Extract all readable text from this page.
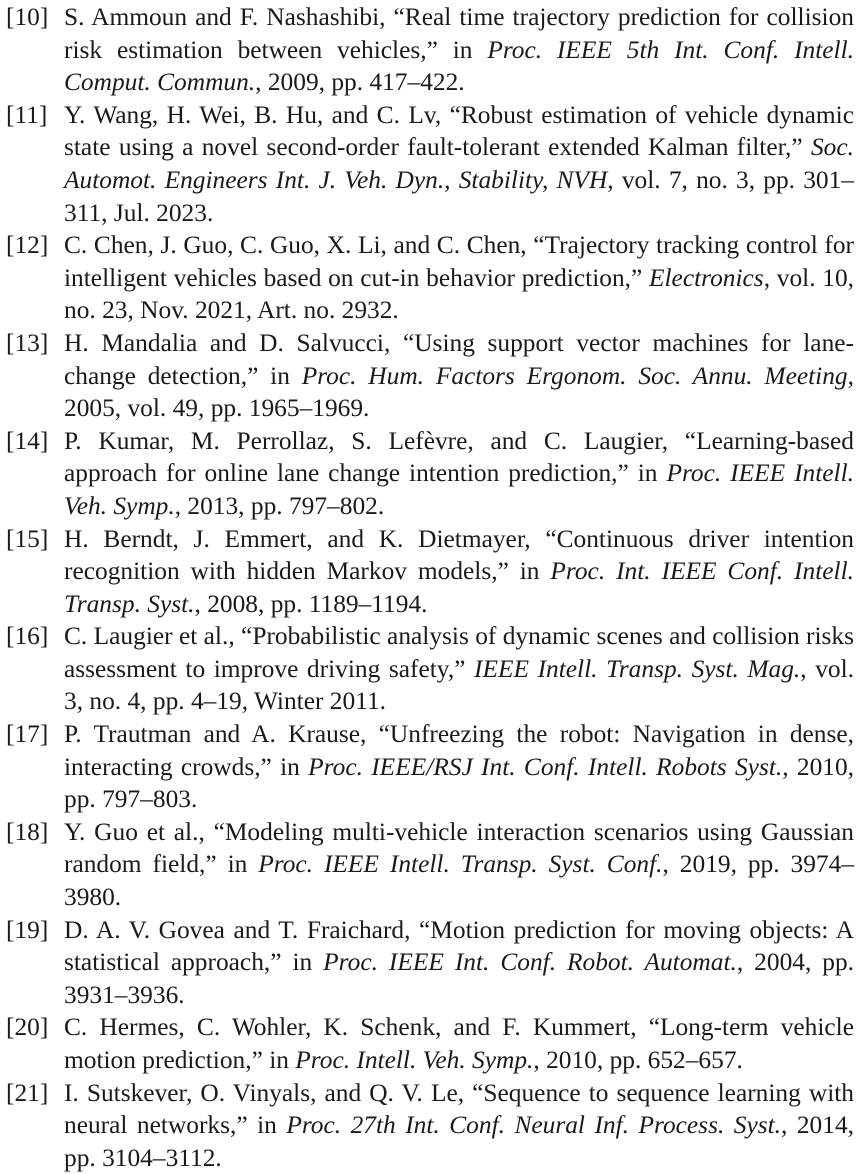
[10] S. Ammoun and F. Nashashibi, “Real time trajectory prediction for collision risk estimation between vehicles,” in Proc. IEEE 5th Int. Conf. Intell. Comput. Commun., 2009, pp. 417–422.
[11] Y. Wang, H. Wei, B. Hu, and C. Lv, “Robust estimation of vehicle dynamic state using a novel second-order fault-tolerant extended Kalman filter,” Soc. Automot. Engineers Int. J. Veh. Dyn., Stability, NVH, vol. 7, no. 3, pp. 301–311, Jul. 2023.
[12] C. Chen, J. Guo, C. Guo, X. Li, and C. Chen, “Trajectory tracking control for intelligent vehicles based on cut-in behavior prediction,” Electronics, vol. 10, no. 23, Nov. 2021, Art. no. 2932.
[13] H. Mandalia and D. Salvucci, “Using support vector machines for lane-change detection,” in Proc. Hum. Factors Ergonom. Soc. Annu. Meeting, 2005, vol. 49, pp. 1965–1969.
[14] P. Kumar, M. Perrollaz, S. Lefèvre, and C. Laugier, “Learning-based approach for online lane change intention prediction,” in Proc. IEEE Intell. Veh. Symp., 2013, pp. 797–802.
[15] H. Berndt, J. Emmert, and K. Dietmayer, “Continuous driver intention recognition with hidden Markov models,” in Proc. Int. IEEE Conf. Intell. Transp. Syst., 2008, pp. 1189–1194.
[16] C. Laugier et al., “Probabilistic analysis of dynamic scenes and collision risks assessment to improve driving safety,” IEEE Intell. Transp. Syst. Mag., vol. 3, no. 4, pp. 4–19, Winter 2011.
[17] P. Trautman and A. Krause, “Unfreezing the robot: Navigation in dense, interacting crowds,” in Proc. IEEE/RSJ Int. Conf. Intell. Robots Syst., 2010, pp. 797–803.
[18] Y. Guo et al., “Modeling multi-vehicle interaction scenarios using Gaussian random field,” in Proc. IEEE Intell. Transp. Syst. Conf., 2019, pp. 3974–3980.
[19] D. A. V. Govea and T. Fraichard, “Motion prediction for moving objects: A statistical approach,” in Proc. IEEE Int. Conf. Robot. Automat., 2004, pp. 3931–3936.
[20] C. Hermes, C. Wohler, K. Schenk, and F. Kummert, “Long-term vehicle motion prediction,” in Proc. Intell. Veh. Symp., 2010, pp. 652–657.
[21] I. Sutskever, O. Vinyals, and Q. V. Le, “Sequence to sequence learning with neural networks,” in Proc. 27th Int. Conf. Neural Inf. Process. Syst., 2014, pp. 3104–3112.
